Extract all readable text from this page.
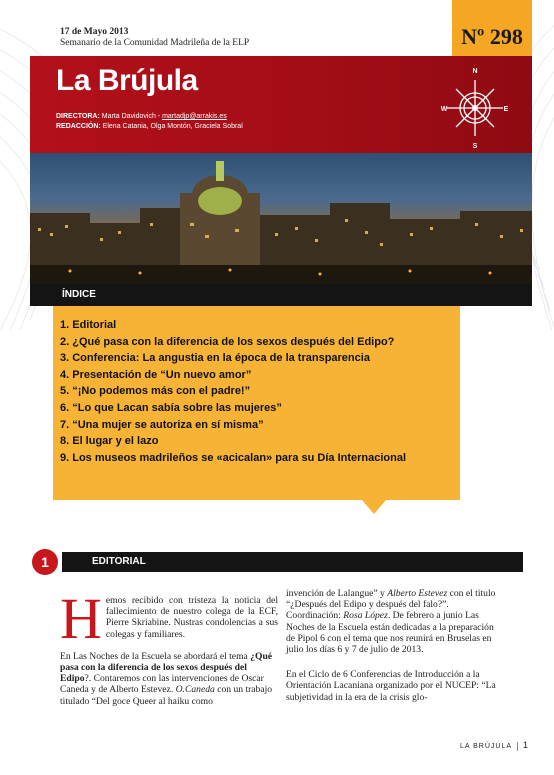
17 de Mayo 2013
Semanario de la Comunidad Madrileña de la ELP	Nº 298
La Brújula
DIRECTORA: Marta Davidovich - martadjp@arrakis.es
REDACCIÓN: Elena Catania, Olga Montón, Graciela Sobral
N
S
E
W
ÍNDICE
1. Editorial
2. ¿Qué pasa con la diferencia de los sexos después del Edipo?
3. Conferencia: La angustia en la época de la transparencia
4. Presentación de “Un nuevo amor”
5. “¡No podemos más con el padre!”
6. “Lo que Lacan sabía sobre las mujeres”
7. “Una mujer se autoriza en sí misma”
8. El lugar y el lazo
9. Los museos madrileños se «acicalan» para su Día Internacional
1	EDITORIAL

Hemos recibido con tristeza la noticia del fallecimiento de nuestro colega de la ECF, Pierre Skriabine. Nustras condolencias a sus colegas y familiares.

En Las Noches de la Escuela se abordará el tema ¿Qué pasa con la diferencia de los sexos después del Edipo?. Contaremos con las intervenciones de Oscar Caneda y de Alberto Estevez. O.Caneda con un trabajo titulado “Del goce Queer al haiku como

invención de Lalangue” y Alberto Estevez con el titulo “¿Después del Edipo y después del falo?”. Coordinación: Rosa López. De febrero a junio Las Noches de la Escuela están dedicadas a la preparación de Pipol 6 con el tema que nos reunirá en Bruselas en julio los días 6 y 7 de julio de 2013.

En el Ciclo de 6 Conferencias de Introducción a la Orientación Lacaniana organizado por el NUCEP: “La subjetividad in la era de la crisis glo-

LA BRÚJULA 1
